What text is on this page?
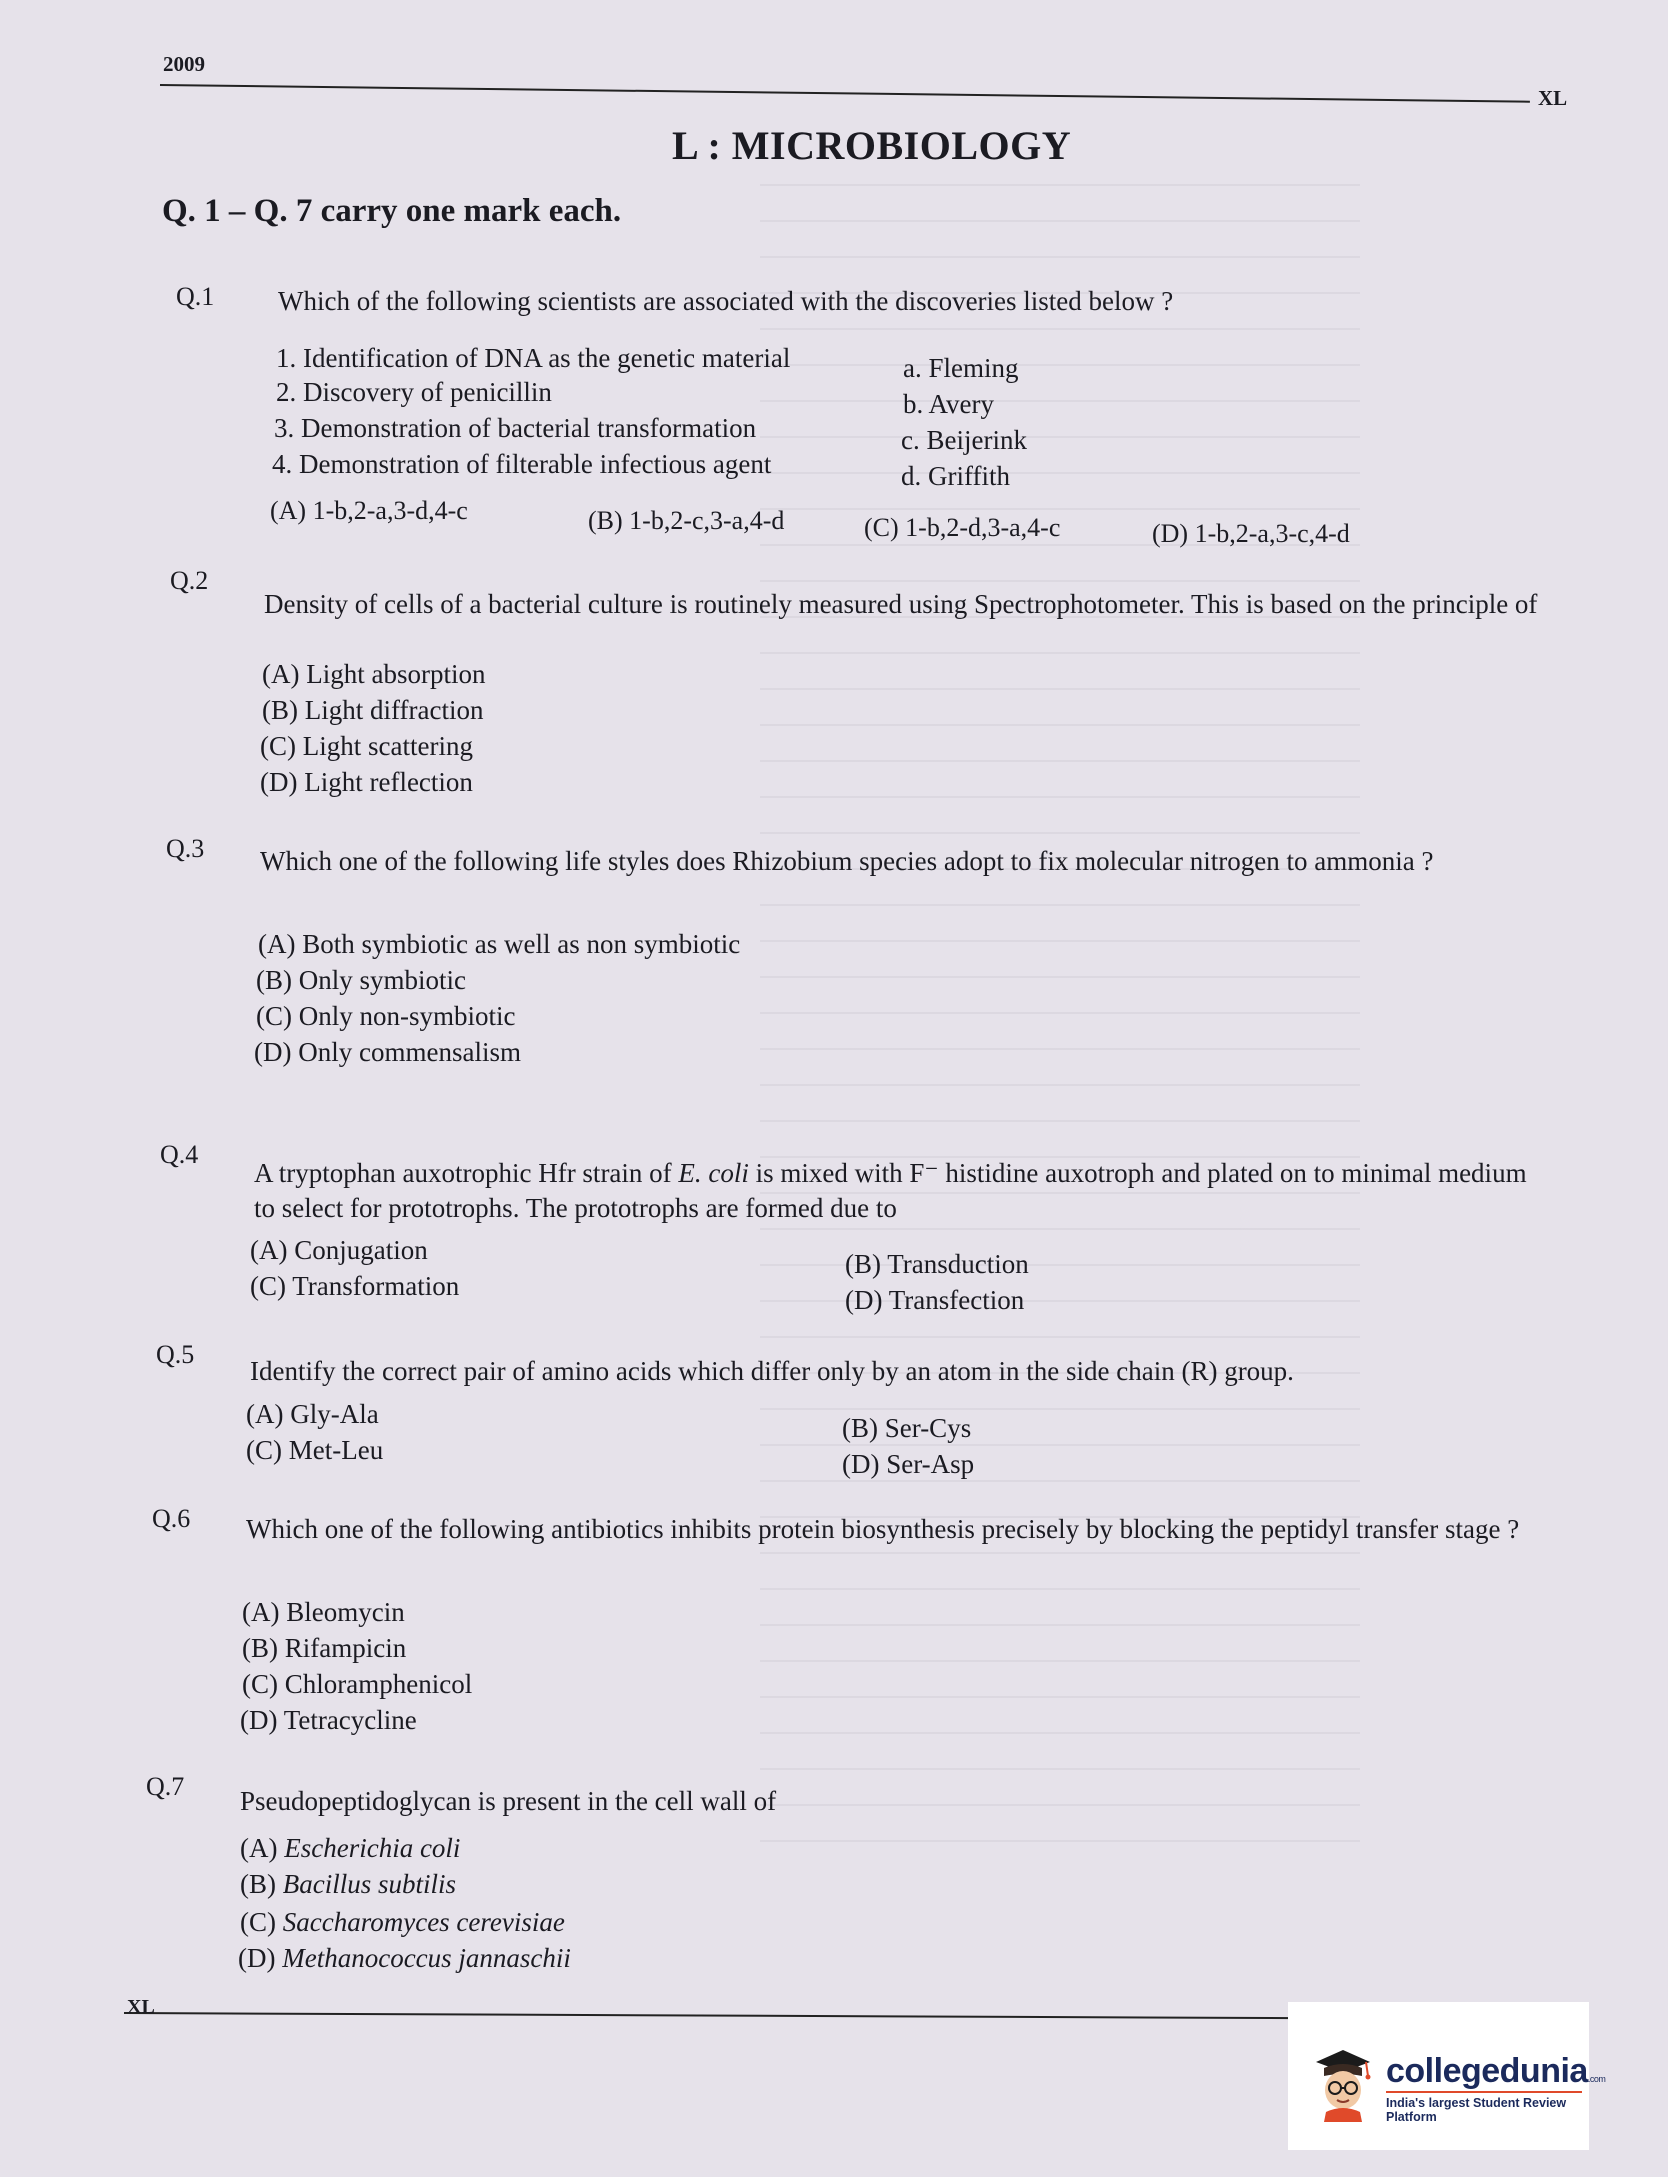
2009
XL
L : MICROBIOLOGY
Q. 1 – Q. 7 carry one mark each.
Q.1 Which of the following scientists are associated with the discoveries listed below ?
1. Identification of DNA as the genetic material
2. Discovery of penicillin
3. Demonstration of bacterial transformation
4. Demonstration of filterable infectious agent
a. Fleming
b. Avery
c. Beijerink
d. Griffith
(A) 1-b,2-a,3-d,4-c	(B) 1-b,2-c,3-a,4-d	(C) 1-b,2-d,3-a,4-c	(D) 1-b,2-a,3-c,4-d
Q.2
Density of cells of a bacterial culture is routinely measured using Spectrophotometer. This is based on the principle of
(A) Light absorption
(B) Light diffraction
(C) Light scattering
(D) Light reflection
Q.3 Which one of the following life styles does Rhizobium species adopt to fix molecular nitrogen to ammonia ?
(A) Both symbiotic as well as non symbiotic
(B) Only symbiotic
(C) Only non-symbiotic
(D) Only commensalism
Q.4
A tryptophan auxotrophic Hfr strain of E. coli is mixed with F⁻ histidine auxotroph and plated on to minimal medium to select for prototrophs. The prototrophs are formed due to
(A) Conjugation	(B) Transduction
(C) Transformation	(D) Transfection
Q.5
Identify the correct pair of amino acids which differ only by an atom in the side chain (R) group.
(A) Gly-Ala	(B) Ser-Cys
(C) Met-Leu	(D) Ser-Asp
Q.6 Which one of the following antibiotics inhibits protein biosynthesis precisely by blocking the peptidyl transfer stage ?
(A) Bleomycin
(B) Rifampicin
(C) Chloramphenicol
(D) Tetracycline
Q.7 Pseudopeptidoglycan is present in the cell wall of
(A) Escherichia coli
(B) Bacillus subtilis
(C) Saccharomyces cerevisiae
(D) Methanococcus jannaschii
XL
collegedunia.com
India's largest Student Review Platform
